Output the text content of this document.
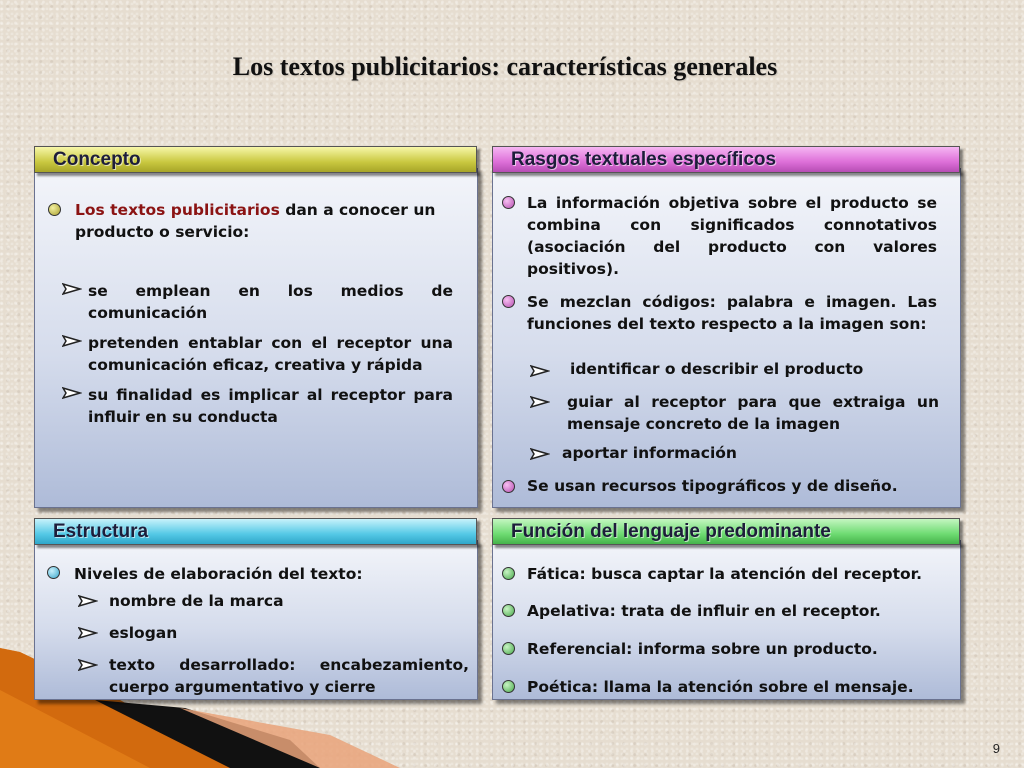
Los textos publicitarios: características generales
Concepto
Los textos publicitarios dan a conocer un producto o servicio:
se emplean en los medios de comunicación
pretenden entablar con el receptor una comunicación eficaz, creativa y rápida
su finalidad es implicar al receptor para influir en su conducta
Rasgos textuales específicos
La información objetiva sobre el producto se combina con significados connotativos (asociación del producto con valores positivos).
Se mezclan códigos: palabra e imagen. Las funciones del texto respecto a la imagen son:
identificar o describir el producto
guiar al receptor para que extraiga un mensaje concreto de la imagen
aportar información
Se usan recursos tipográficos y de diseño.
Estructura
Niveles de elaboración del texto:
nombre de la marca
eslogan
texto desarrollado: encabezamiento, cuerpo argumentativo y cierre
Función del lenguaje predominante
Fática: busca captar la atención del receptor.
Apelativa: trata de influir en el receptor.
Referencial: informa sobre un producto.
Poética: llama la atención sobre el mensaje.
9
